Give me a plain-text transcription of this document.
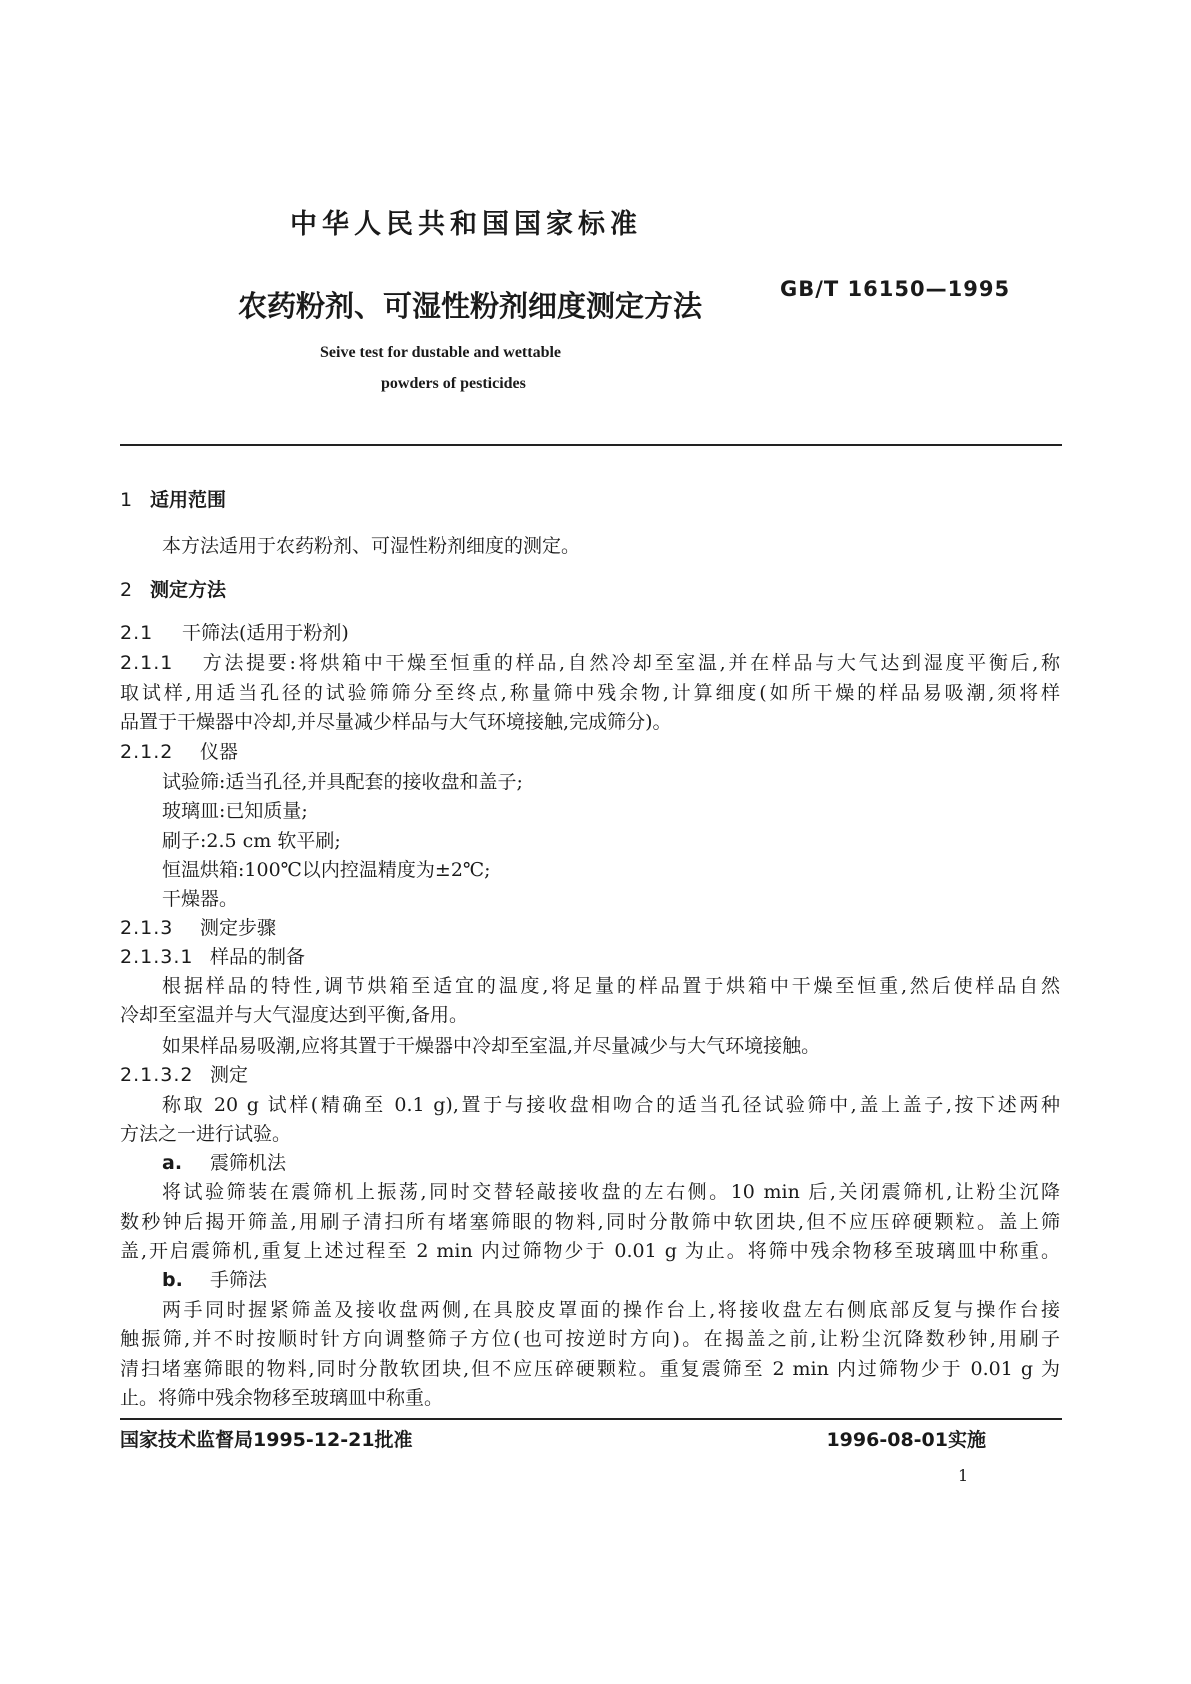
中华人民共和国国家标准
农药粉剂、可湿性粉剂细度测定方法	GB/T 16150—1995
Seive test for dustable and wettable
powders of pesticides
1 适用范围
本方法适用于农药粉剂、可湿性粉剂细度的测定。
2 测定方法
2.1 干筛法(适用于粉剂)
2.1.1 方法提要:将烘箱中干燥至恒重的样品,自然冷却至室温,并在样品与大气达到湿度平衡后,称
取试样,用适当孔径的试验筛筛分至终点,称量筛中残余物,计算细度(如所干燥的样品易吸潮,须将样
品置于干燥器中冷却,并尽量减少样品与大气环境接触,完成筛分)。
2.1.2 仪器
试验筛:适当孔径,并具配套的接收盘和盖子;
玻璃皿:已知质量;
刷子:2.5 cm 软平刷;
恒温烘箱:100℃以内控温精度为±2℃;
干燥器。
2.1.3 测定步骤
2.1.3.1 样品的制备
根据样品的特性,调节烘箱至适宜的温度,将足量的样品置于烘箱中干燥至恒重,然后使样品自然
冷却至室温并与大气湿度达到平衡,备用。
如果样品易吸潮,应将其置于干燥器中冷却至室温,并尽量减少与大气环境接触。
2.1.3.2 测定
称取 20 g 试样(精确至 0.1 g),置于与接收盘相吻合的适当孔径试验筛中,盖上盖子,按下述两种
方法之一进行试验。
a. 震筛机法
将试验筛装在震筛机上振荡,同时交替轻敲接收盘的左右侧。10 min 后,关闭震筛机,让粉尘沉降
数秒钟后揭开筛盖,用刷子清扫所有堵塞筛眼的物料,同时分散筛中软团块,但不应压碎硬颗粒。盖上筛
盖,开启震筛机,重复上述过程至 2 min 内过筛物少于 0.01 g 为止。将筛中残余物移至玻璃皿中称重。
b. 手筛法
两手同时握紧筛盖及接收盘两侧,在具胶皮罩面的操作台上,将接收盘左右侧底部反复与操作台接
触振筛,并不时按顺时针方向调整筛子方位(也可按逆时方向)。在揭盖之前,让粉尘沉降数秒钟,用刷子
清扫堵塞筛眼的物料,同时分散软团块,但不应压碎硬颗粒。重复震筛至 2 min 内过筛物少于 0.01 g 为
止。将筛中残余物移至玻璃皿中称重。
国家技术监督局1995-12-21批准	1996-08-01实施
1
